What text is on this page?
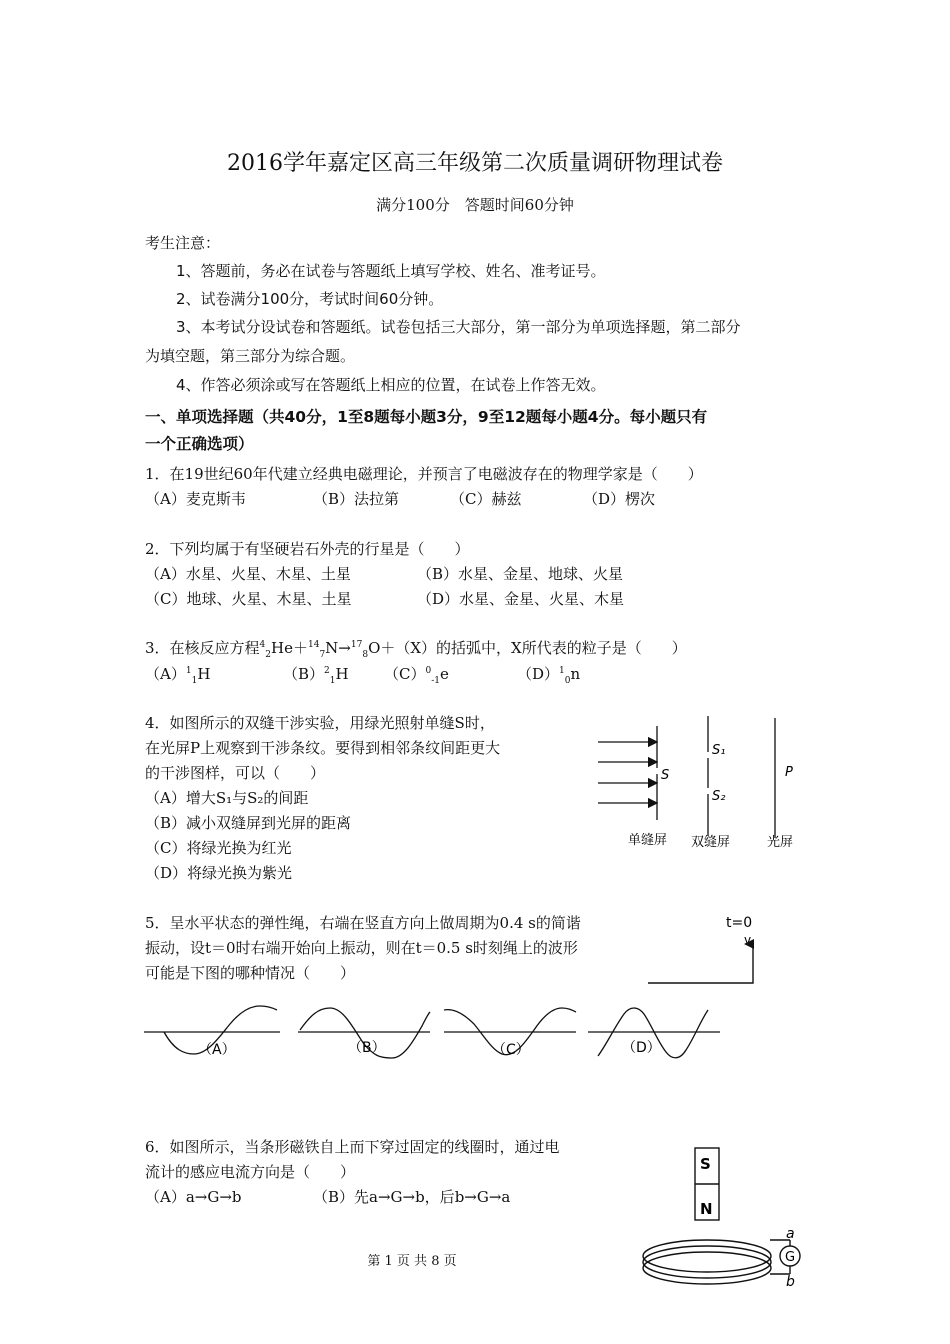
2016学年嘉定区高三年级第二次质量调研物理试卷
满分100分　答题时间60分钟
考生注意：
1、答题前，务必在试卷与答题纸上填写学校、姓名、准考证号。
2、试卷满分100分，考试时间60分钟。
3、本考试分设试卷和答题纸。试卷包括三大部分，第一部分为单项选择题，第二部分
为填空题，第三部分为综合题。
4、作答必须涂或写在答题纸上相应的位置，在试卷上作答无效。
一、单项选择题（共40分，1至8题每小题3分，9至12题每小题4分。每小题只有
一个正确选项）
1．在19世纪60年代建立经典电磁理论，并预言了电磁波存在的物理学家是（　　）
（A）麦克斯韦	（B）法拉第	（C）赫兹	（D）楞次
2．下列均属于有坚硬岩石外壳的行星是（　　）
（A）水星、火星、木星、土星	（B）水星、金星、地球、火星
（C）地球、火星、木星、土星	（D）水星、金星、火星、木星
3．在核反应方程$^4_2$He＋$^{14}_7$N→$^{17}_8$O＋（X）的括弧中，X所代表的粒子是（　　）
$(A)^1_1H$	$(B)^2_1H$ $(C)^0_{-1}e$	$(D)^1_0n$
4．如图所示的双缝干涉实验，用绿光照射单缝S时，
在光屏P上观察到干涉条纹。要得到相邻条纹间距更大
的干涉图样，可以（　　）
（A）增大S₁与S₂的间距
（B）减小双缝屏到光屏的距离
（C）将绿光换为红光
（D）将绿光换为紫光
S
S₁
S₂
P
单缝屏 双缝屏	光屏
5．呈水平状态的弹性绳，右端在竖直方向上做周期为0.4 s的简谐
振动，设t＝0时右端开始向上振动，则在t＝0.5 s时刻绳上的波形
可能是下图的哪种情况（　　）
t=0
v
（A）	（B）	（C）	（D）
6．如图所示，当条形磁铁自上而下穿过固定的线圈时，通过电
流计的感应电流方向是（　　）
（A）a→G→b	（B）先a→G→b，后b→G→a
S
N
a
G
b
第 1 页 共 8 页
